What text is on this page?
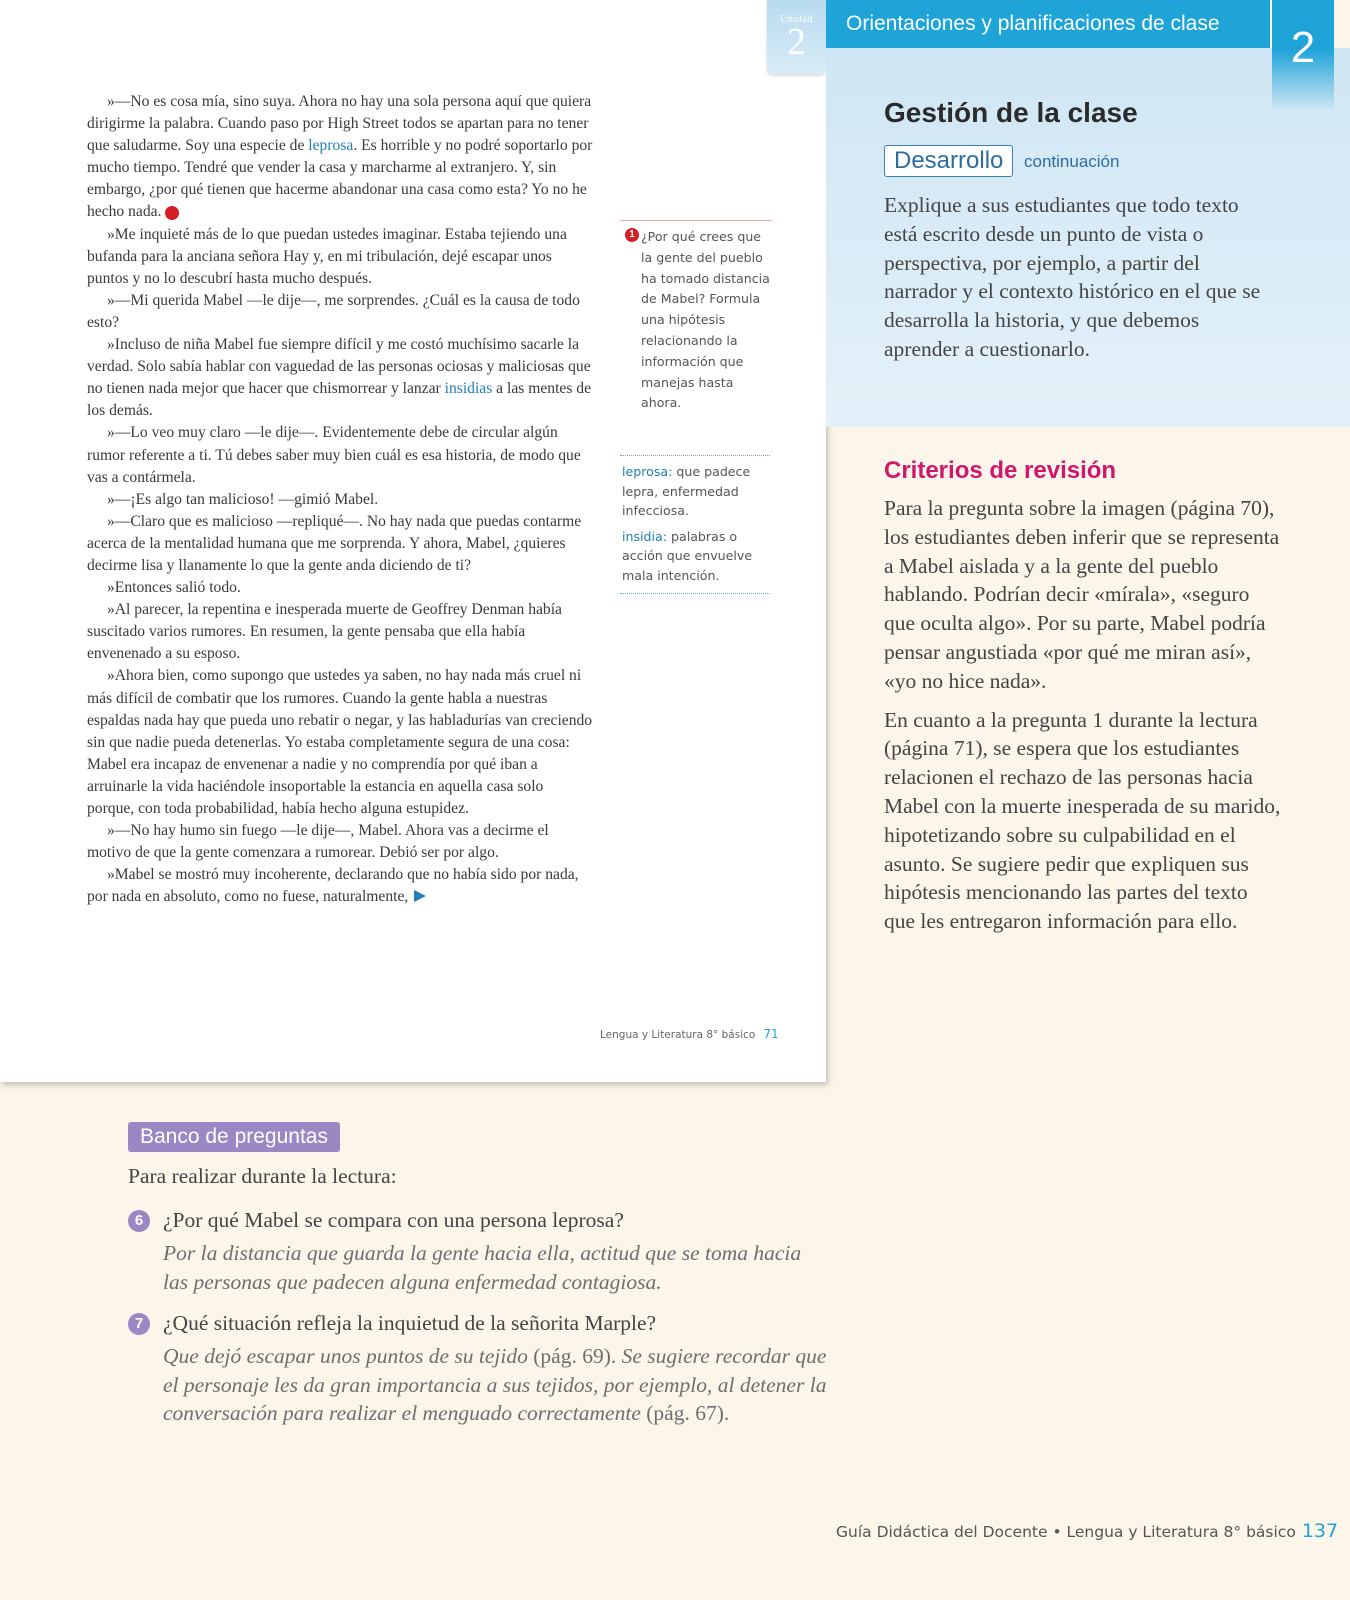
Unidad
2

»—No es cosa mía, sino suya. Ahora no hay una sola persona aquí que quiera dirigirme la palabra. Cuando paso por High Street todos se apartan para no tener que saludarme. Soy una especie de leprosa. Es horrible y no podré soportarlo por mucho tiempo. Tendré que vender la casa y marcharme al extranjero. Y, sin embargo, ¿por qué tienen que hacerme abandonar una casa como esta? Yo no he hecho nada. 1

»Me inquieté más de lo que puedan ustedes imaginar. Estaba tejiendo una bufanda para la anciana señora Hay y, en mi tribulación, dejé escapar unos puntos y no lo descubrí hasta mucho después.

»—Mi querida Mabel —le dije—, me sorprendes. ¿Cuál es la causa de todo esto?

»Incluso de niña Mabel fue siempre difícil y me costó muchísimo sacarle la verdad. Solo sabía hablar con vaguedad de las personas ociosas y maliciosas que no tienen nada mejor que hacer que chismorrear y lanzar insidias a las mentes de los demás.

»—Lo veo muy claro —le dije—. Evidentemente debe de circular algún rumor referente a ti. Tú debes saber muy bien cuál es esa historia, de modo que vas a contármela.

»—¡Es algo tan malicioso! —gimió Mabel.

»—Claro que es malicioso —repliqué—. No hay nada que puedas contarme acerca de la mentalidad humana que me sorprenda. Y ahora, Mabel, ¿quieres decirme lisa y llanamente lo que la gente anda diciendo de ti?

»Entonces salió todo.

»Al parecer, la repentina e inesperada muerte de Geoffrey Denman había suscitado varios rumores. En resumen, la gente pensaba que ella había envenenado a su esposo.

»Ahora bien, como supongo que ustedes ya saben, no hay nada más cruel ni más difícil de combatir que los rumores. Cuando la gente habla a nuestras espaldas nada hay que pueda uno rebatir o negar, y las habladurías van creciendo sin que nadie pueda detenerlas. Yo estaba completamente segura de una cosa: Mabel era incapaz de envenenar a nadie y no comprendía por qué iban a arruinarle la vida haciéndole insoportable la estancia en aquella casa solo porque, con toda probabilidad, había hecho alguna estupidez.

»—No hay humo sin fuego —le dije—, Mabel. Ahora vas a decirme el motivo de que la gente comenzara a rumorear. Debió ser por algo.

»Mabel se mostró muy incoherente, declarando que no había sido por nada, por nada en absoluto, como no fuese, naturalmente,

1 ¿Por qué crees que la gente del pueblo ha tomado distancia de Mabel? Formula una hipótesis relacionando la información que manejas hasta ahora.
leprosa: que padece lepra, enfermedad infecciosa.
insidia: palabras o acción que envuelve mala intención.
Lengua y Literatura 8° básico 71
Orientaciones y planificaciones de clase	2
Gestión de la clase
Desarrollo	continuación

Explique a sus estudiantes que todo texto está escrito desde un punto de vista o perspectiva, por ejemplo, a partir del narrador y el contexto histórico en el que se desarrolla la historia, y que debemos aprender a cuestionarlo.

Criterios de revisión

Para la pregunta sobre la imagen (página 70), los estudiantes deben inferir que se representa a Mabel aislada y a la gente del pueblo hablando. Podrían decir «mírala», «seguro que oculta algo». Por su parte, Mabel podría pensar angustiada «por qué me miran así», «yo no hice nada».

En cuanto a la pregunta 1 durante la lectura (página 71), se espera que los estudiantes relacionen el rechazo de las personas hacia Mabel con la muerte inesperada de su marido, hipotetizando sobre su culpabilidad en el asunto. Se sugiere pedir que expliquen sus hipótesis mencionando las partes del texto que les entregaron información para ello.

Banco de preguntas

Para realizar durante la lectura:

6 ¿Por qué Mabel se compara con una persona leprosa?

Por la distancia que guarda la gente hacia ella, actitud que se toma hacia las personas que padecen alguna enfermedad contagiosa.

7 ¿Qué situación refleja la inquietud de la señorita Marple?

Que dejó escapar unos puntos de su tejido (pág. 69). Se sugiere recordar que el personaje les da gran importancia a sus tejidos, por ejemplo, al detener la conversación para realizar el menguado correctamente (pág. 67).

Guía Didáctica del Docente • Lengua y Literatura 8° básico 137
